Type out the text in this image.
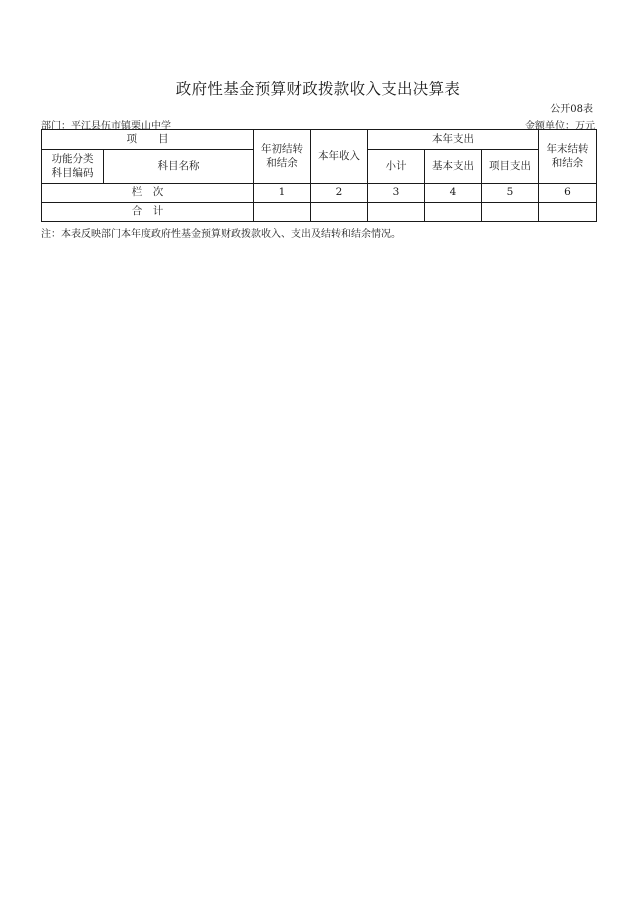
政府性基金预算财政拨款收入支出决算表
公开08表
部门：平江县伍市镇栗山中学	金额单位：万元
项　　目		年初结转和结余	本年收入	本年支出			年末结转和结余
功能分类科目编码	科目名称			小计	基本支出	项目支出	
栏　次		1	2	3	4	5	6
合　计							
注：本表反映部门本年度政府性基金预算财政拨款收入、支出及结转和结余情况。
